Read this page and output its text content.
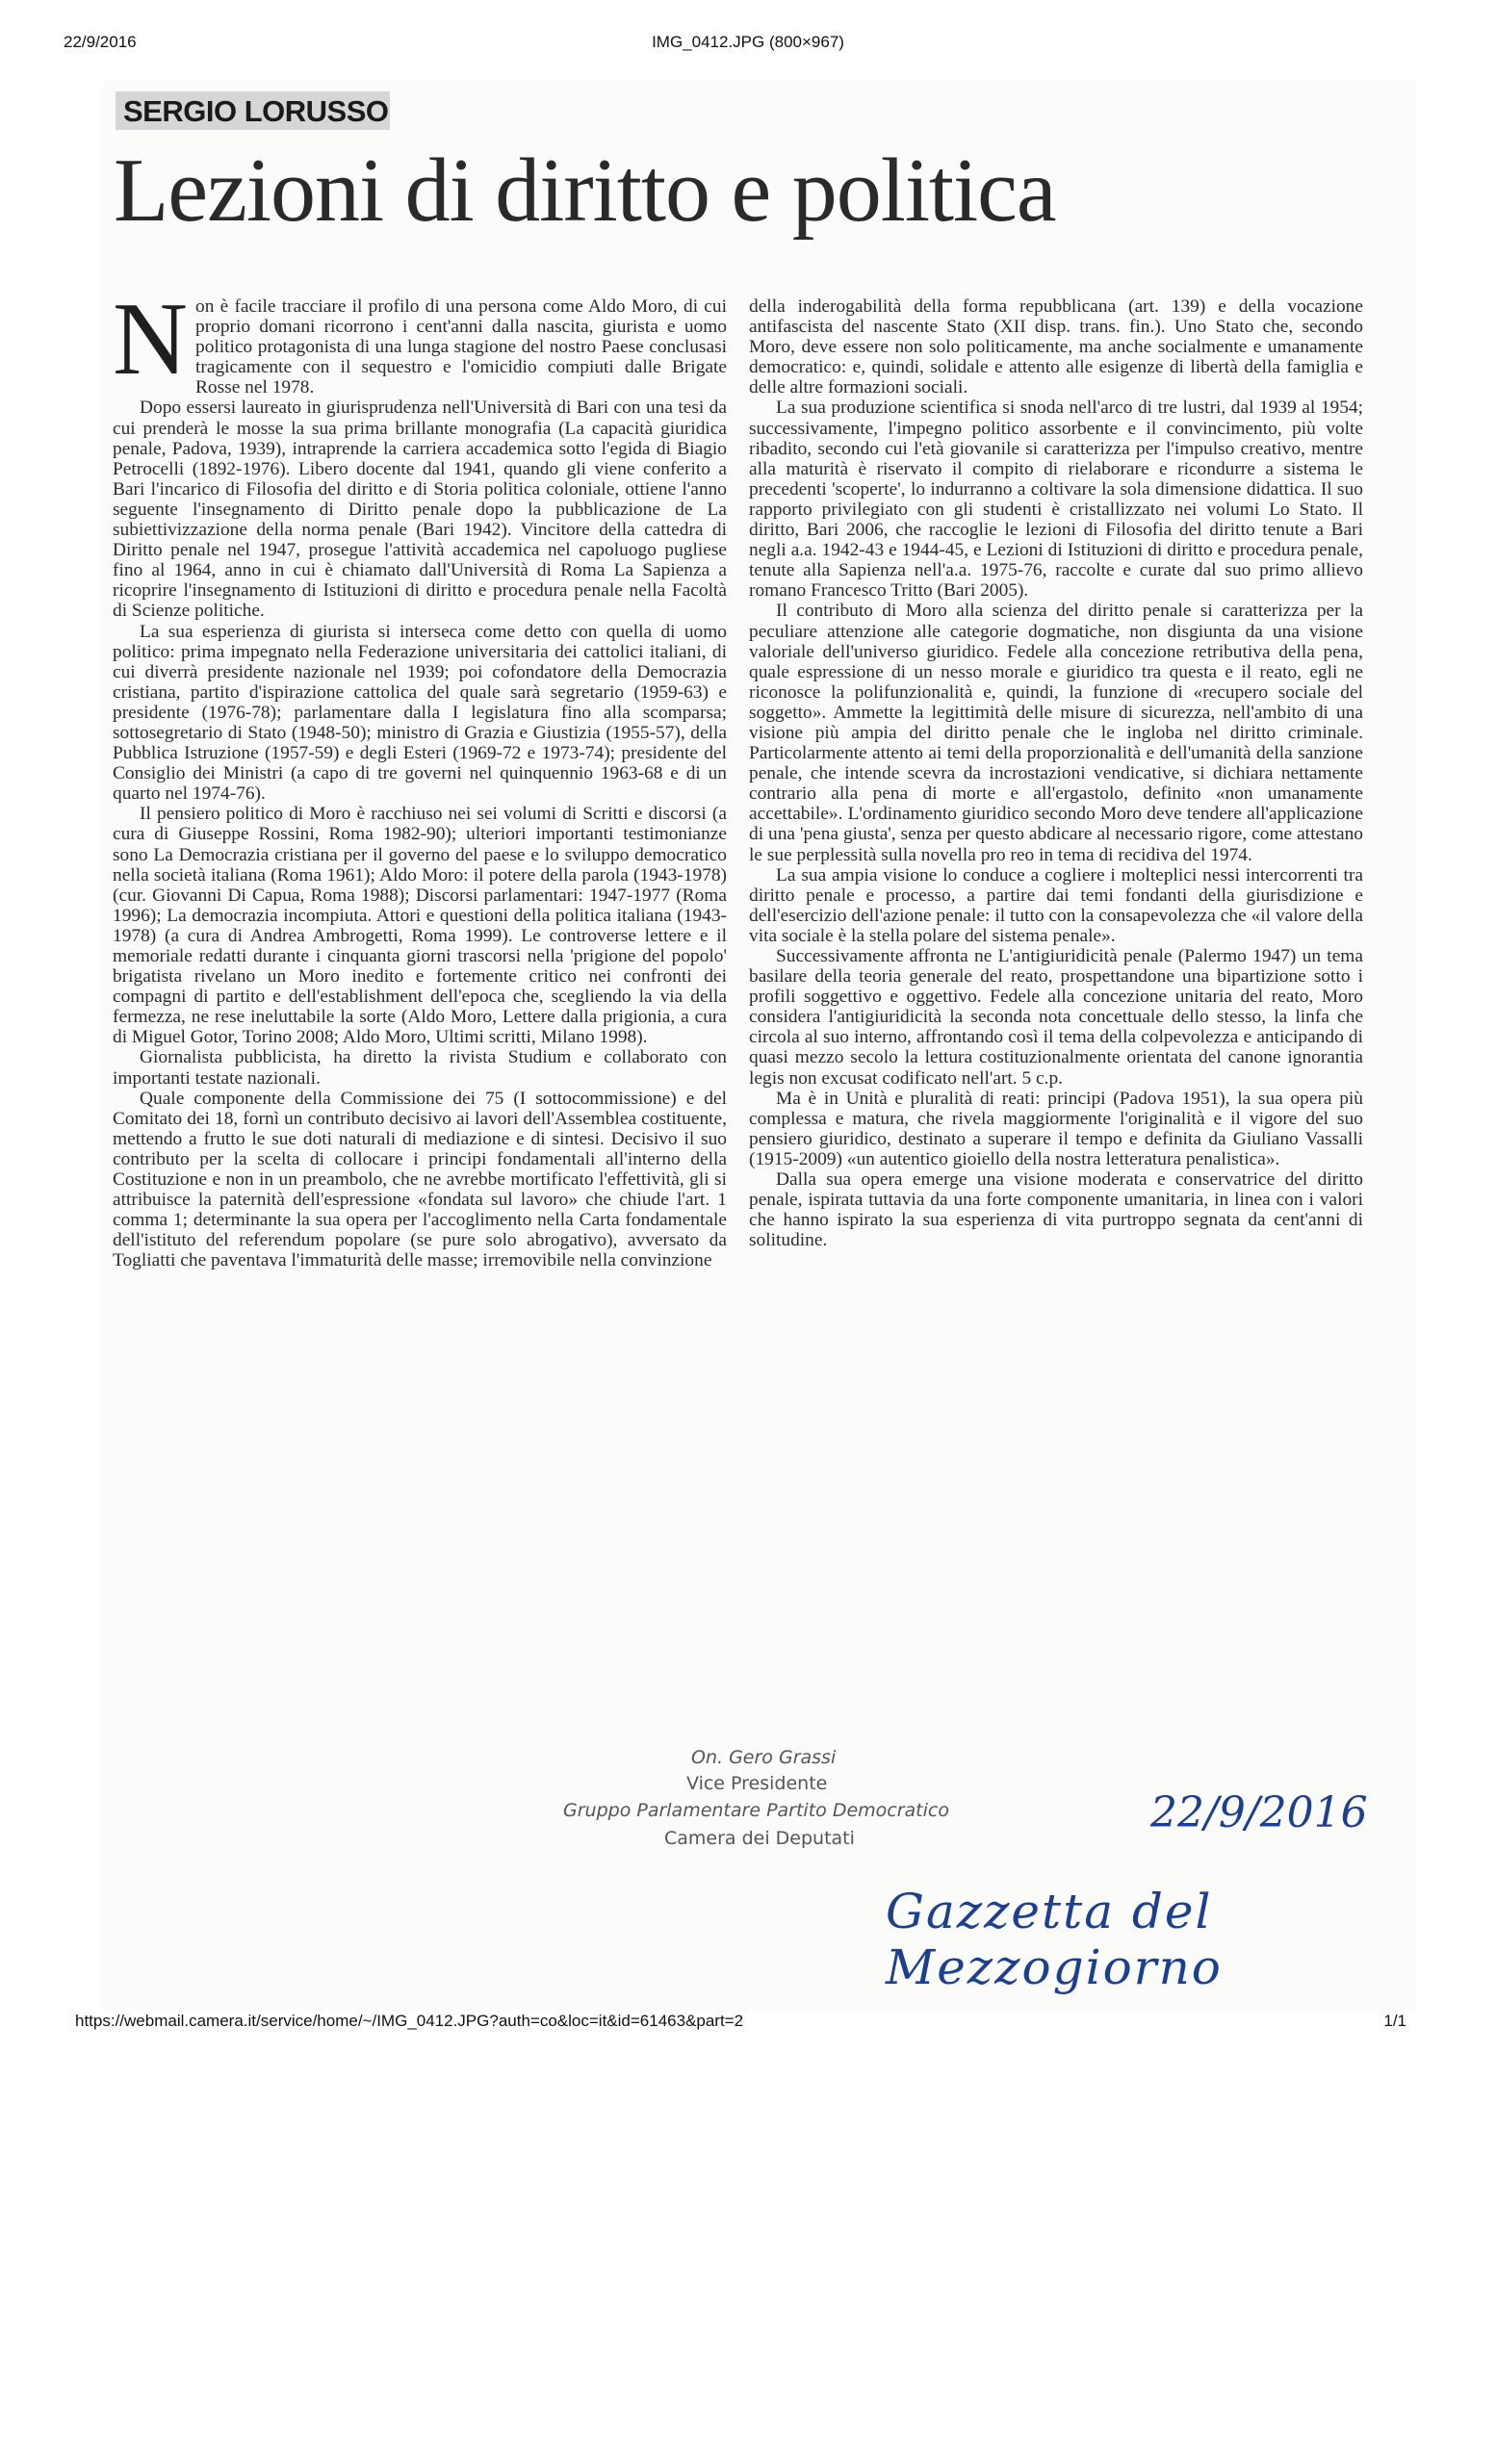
22/9/2016	IMG_0412.JPG (800×967)
SERGIO LORUSSO
Lezioni di diritto e politica

Non è facile tracciare il profilo di una persona come Aldo Moro, di cui proprio domani ricorrono i cent'anni dalla nascita, giurista e uomo politico protagonista di una lunga stagione del nostro Paese conclusasi tragicamente con il sequestro e l'omicidio compiuti dalle Brigate Rosse nel 1978.

Dopo essersi laureato in giurisprudenza nell'Università di Bari con una tesi da cui prenderà le mosse la sua prima brillante monografia (La capacità giuridica penale, Padova, 1939), intraprende la carriera accademica sotto l'egida di Biagio Petrocelli (1892-1976). Libero docente dal 1941, quando gli viene conferito a Bari l'incarico di Filosofia del diritto e di Storia politica coloniale, ottiene l'anno seguente l'insegnamento di Diritto penale dopo la pubblicazione de La subiettivizzazione della norma penale (Bari 1942). Vincitore della cattedra di Diritto penale nel 1947, prosegue l'attività accademica nel capoluogo pugliese fino al 1964, anno in cui è chiamato dall'Università di Roma La Sapienza a ricoprire l'insegnamento di Istituzioni di diritto e procedura penale nella Facoltà di Scienze politiche.

La sua esperienza di giurista si interseca come detto con quella di uomo politico: prima impegnato nella Federazione universitaria dei cattolici italiani, di cui diverrà presidente nazionale nel 1939; poi cofondatore della Democrazia cristiana, partito d'ispirazione cattolica del quale sarà segretario (1959-63) e presidente (1976-78); parlamentare dalla I legislatura fino alla scomparsa; sottosegretario di Stato (1948-50); ministro di Grazia e Giustizia (1955-57), della Pubblica Istruzione (1957-59) e degli Esteri (1969-72 e 1973-74); presidente del Consiglio dei Ministri (a capo di tre governi nel quinquennio 1963-68 e di un quarto nel 1974-76).

Il pensiero politico di Moro è racchiuso nei sei volumi di Scritti e discorsi (a cura di Giuseppe Rossini, Roma 1982-90); ulteriori importanti testimonianze sono La Democrazia cristiana per il governo del paese e lo sviluppo democratico nella società italiana (Roma 1961); Aldo Moro: il potere della parola (1943-1978) (cur. Giovanni Di Capua, Roma 1988); Discorsi parlamentari: 1947-1977 (Roma 1996); La democrazia incompiuta. Attori e questioni della politica italiana (1943-1978) (a cura di Andrea Ambrogetti, Roma 1999). Le controverse lettere e il memoriale redatti durante i cinquanta giorni trascorsi nella 'prigione del popolo' brigatista rivelano un Moro inedito e fortemente critico nei confronti dei compagni di partito e dell'establishment dell'epoca che, scegliendo la via della fermezza, ne rese ineluttabile la sorte (Aldo Moro, Lettere dalla prigionia, a cura di Miguel Gotor, Torino 2008; Aldo Moro, Ultimi scritti, Milano 1998).

Giornalista pubblicista, ha diretto la rivista Studium e collaborato con importanti testate nazionali.

Quale componente della Commissione dei 75 (I sottocommissione) e del Comitato dei 18, fornì un contributo decisivo ai lavori dell'Assemblea costituente, mettendo a frutto le sue doti naturali di mediazione e di sintesi. Decisivo il suo contributo per la scelta di collocare i principi fondamentali all'interno della Costituzione e non in un preambolo, che ne avrebbe mortificato l'effettività, gli si attribuisce la paternità dell'espressione «fondata sul lavoro» che chiude l'art. 1 comma 1; determinante la sua opera per l'accoglimento nella Carta fondamentale dell'istituto del referendum popolare (se pure solo abrogativo), avversato da Togliatti che paventava l'immaturità delle masse; irremovibile nella convinzione

della inderogabilità della forma repubblicana (art. 139) e della vocazione antifascista del nascente Stato (XII disp. trans. fin.). Uno Stato che, secondo Moro, deve essere non solo politicamente, ma anche socialmente e umanamente democratico: e, quindi, solidale e attento alle esigenze di libertà della famiglia e delle altre formazioni sociali.

La sua produzione scientifica si snoda nell'arco di tre lustri, dal 1939 al 1954; successivamente, l'impegno politico assorbente e il convincimento, più volte ribadito, secondo cui l'età giovanile si caratterizza per l'impulso creativo, mentre alla maturità è riservato il compito di rielaborare e ricondurre a sistema le precedenti 'scoperte', lo indurranno a coltivare la sola dimensione didattica. Il suo rapporto privilegiato con gli studenti è cristallizzato nei volumi Lo Stato. Il diritto, Bari 2006, che raccoglie le lezioni di Filosofia del diritto tenute a Bari negli a.a. 1942-43 e 1944-45, e Lezioni di Istituzioni di diritto e procedura penale, tenute alla Sapienza nell'a.a. 1975-76, raccolte e curate dal suo primo allievo romano Francesco Tritto (Bari 2005).

Il contributo di Moro alla scienza del diritto penale si caratterizza per la peculiare attenzione alle categorie dogmatiche, non disgiunta da una visione valoriale dell'universo giuridico. Fedele alla concezione retributiva della pena, quale espressione di un nesso morale e giuridico tra questa e il reato, egli ne riconosce la polifunzionalità e, quindi, la funzione di «recupero sociale del soggetto». Ammette la legittimità delle misure di sicurezza, nell'ambito di una visione più ampia del diritto penale che le ingloba nel diritto criminale. Particolarmente attento ai temi della proporzionalità e dell'umanità della sanzione penale, che intende scevra da incrostazioni vendicative, si dichiara nettamente contrario alla pena di morte e all'ergastolo, definito «non umanamente accettabile». L'ordinamento giuridico secondo Moro deve tendere all'applicazione di una 'pena giusta', senza per questo abdicare al necessario rigore, come attestano le sue perplessità sulla novella pro reo in tema di recidiva del 1974.

La sua ampia visione lo conduce a cogliere i molteplici nessi intercorrenti tra diritto penale e processo, a partire dai temi fondanti della giurisdizione e dell'esercizio dell'azione penale: il tutto con la consapevolezza che «il valore della vita sociale è la stella polare del sistema penale».

Successivamente affronta ne L'antigiuridicità penale (Palermo 1947) un tema basilare della teoria generale del reato, prospettandone una bipartizione sotto i profili soggettivo e oggettivo. Fedele alla concezione unitaria del reato, Moro considera l'antigiuridicità la seconda nota concettuale dello stesso, la linfa che circola al suo interno, affrontando così il tema della colpevolezza e anticipando di quasi mezzo secolo la lettura costituzionalmente orientata del canone ignorantia legis non excusat codificato nell'art. 5 c.p.

Ma è in Unità e pluralità di reati: principi (Padova 1951), la sua opera più complessa e matura, che rivela maggiormente l'originalità e il vigore del suo pensiero giuridico, destinato a superare il tempo e definita da Giuliano Vassalli (1915-2009) «un autentico gioiello della nostra letteratura penalistica».

Dalla sua opera emerge una visione moderata e conservatrice del diritto penale, ispirata tuttavia da una forte componente umanitaria, in linea con i valori che hanno ispirato la sua esperienza di vita purtroppo segnata da cent'anni di solitudine.

On. Gero Grassi
Vice Presidente
Gruppo Parlamentare Partito Democratico
Camera dei Deputati
22/9/2016
Gazzetta del Mezzogiorno
https://webmail.camera.it/service/home/~/IMG_0412.JPG?auth=co&loc=it&id=61463&part=2	1/1
